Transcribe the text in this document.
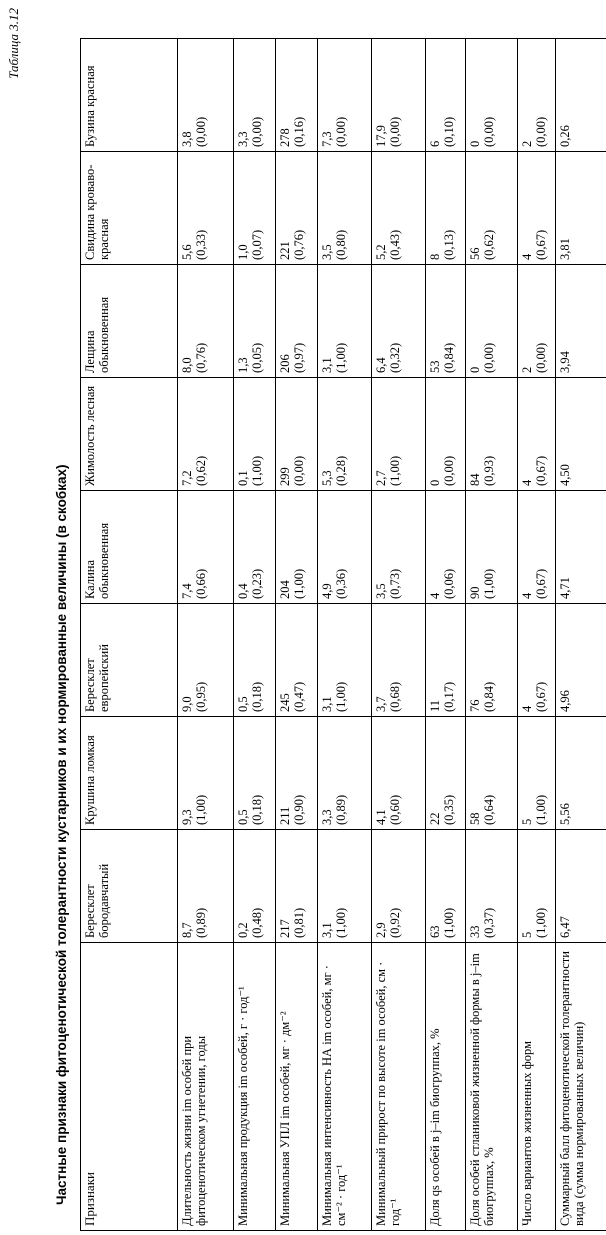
Таблица 3.12
Частные признаки фитоценотической толерантности кустарников и их нормированные величины (в скобках) Признаки	Бересклет бородавчатый	Крушина ломкая	Бересклет европейский	Калина обыкновенная	Жимолость лесная	Лещина обыкновенная	Свидина кроваво-красная	Бузина красная
Длительность жизни im особей при фитоценотическом угнетении, годы	8,7 (0,89)	9,3 (1,00)	9,0 (0,95)	7,4 (0,66)	7,2 (0,62)	8,0 (0,76)	5,6 (0,33)	3,8 (0,00)

Минимальная продукция im особей, г · год⁻¹	0,2 (0,48)	0,5 (0,18)	0,5 (0,18)	0,4 (0,23)	0,1 (1,00)	1,3 (0,05)	1,0 (0,07)	3,3 (0,00)

Минимальная УПЛ im особей, мг · дм⁻²	217 (0,81)	211 (0,90)	245 (0,47)	204 (1,00)	299 (0,00)	206 (0,97)	221 (0,76)	278 (0,16)

Минимальная интенсивность НА im особей, мг · см⁻² · год⁻¹	3,1 (1,00)	3,3 (0,89)	3,1 (1,00)	4,9 (0,36)	5,3 (0,28)	3,1 (1,00)	3,5 (0,80)	7,3 (0,00)

Минимальный прирост по высоте im особей, см · год⁻¹	2,9 (0,92)	4,1 (0,60)	3,7 (0,68)	3,5 (0,73)	2,7 (1,00)	6,4 (0,32)	5,2 (0,43)	17,9 (0,00)

Доля qs особей в j–im биогруппах, %	63 (1,00)	22 (0,35)	11 (0,17)	4 (0,06)	0 (0,00)	53 (0,84)	8 (0,13)	6 (0,10)

Доля особей стланиковой жизненной формы в j–im биогруппах, %	33 (0,37)	58 (0,64)	76 (0,84)	90 (1,00)	84 (0,93)	0 (0,00)	56 (0,62)	0 (0,00)

Число вариантов жизненных форм	5 (1,00)	5 (1,00)	4 (0,67)	4 (0,67)	4 (0,67)	2 (0,00)	4 (0,67)	2 (0,00)

Суммарный балл фитоценотической толерантности вида (сумма нормированных величин)	6,47	5,56	4,96	4,71	4,50	3,94	3,81	0,26
